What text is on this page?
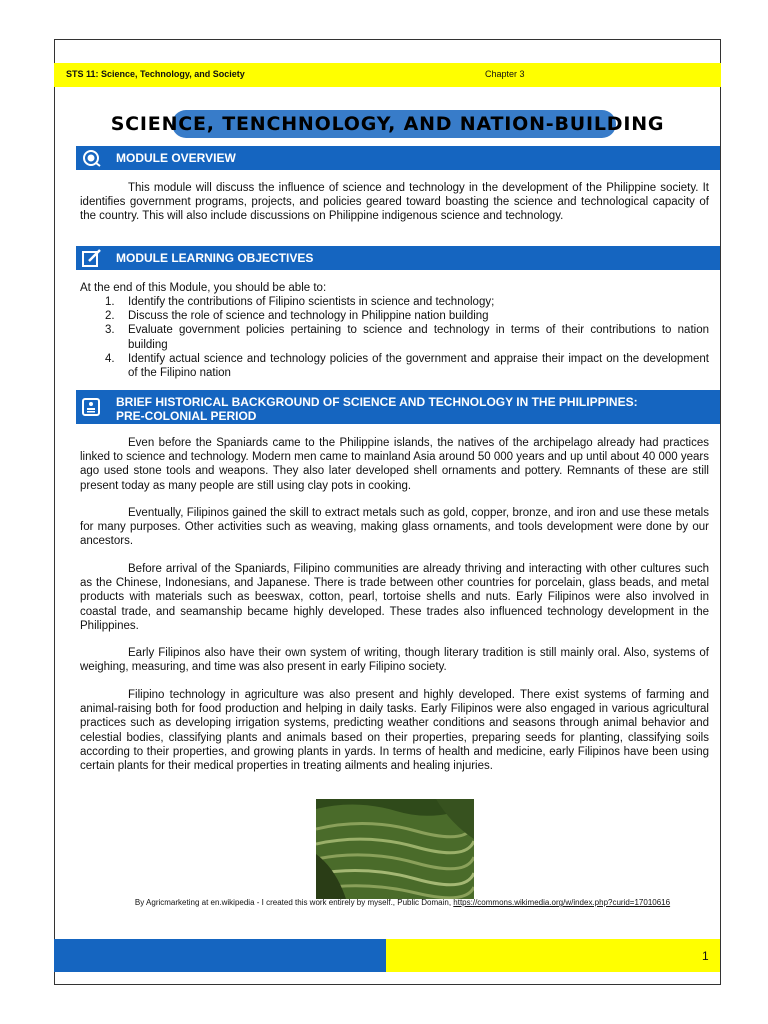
STS 11: Science, Technology, and Society	Chapter 3
SCIENCE, TENCHNOLOGY, AND NATION-BUILDING
MODULE OVERVIEW
This module will discuss the influence of science and technology in the development of the Philippine society. It identifies government programs, projects, and policies geared toward boasting the science and technological capacity of the country. This will also include discussions on Philippine indigenous science and technology.
MODULE LEARNING OBJECTIVES
At the end of this Module, you should be able to:
1. Identify the contributions of Filipino scientists in science and technology;
2. Discuss the role of science and technology in Philippine nation building
3. Evaluate government policies pertaining to science and technology in terms of their contributions to nation building
4. Identify actual science and technology policies of the government and appraise their impact on the development of the Filipino nation
BRIEF HISTORICAL BACKGROUND OF SCIENCE AND TECHNOLOGY IN THE PHILIPPINES:
PRE-COLONIAL PERIOD
Even before the Spaniards came to the Philippine islands, the natives of the archipelago already had practices linked to science and technology. Modern men came to mainland Asia around 50 000 years and up until about 40 000 years ago used stone tools and weapons. They also later developed shell ornaments and pottery. Remnants of these are still present today as many people are still using clay pots in cooking.
Eventually, Filipinos gained the skill to extract metals such as gold, copper, bronze, and iron and use these metals for many purposes. Other activities such as weaving, making glass ornaments, and tools development were done by our ancestors.
Before arrival of the Spaniards, Filipino communities are already thriving and interacting with other cultures such as the Chinese, Indonesians, and Japanese. There is trade between other countries for porcelain, glass beads, and metal products with materials such as beeswax, cotton, pearl, tortoise shells and nuts. Early Filipinos were also involved in coastal trade, and seamanship became highly developed. These trades also influenced technology development in the Philippines.
Early Filipinos also have their own system of writing, though literary tradition is still mainly oral. Also, systems of weighing, measuring, and time was also present in early Filipino society.
Filipino technology in agriculture was also present and highly developed. There exist systems of farming and animal-raising both for food production and helping in daily tasks. Early Filipinos were also engaged in various agricultural practices such as developing irrigation systems, predicting weather conditions and seasons through animal behavior and celestial bodies, classifying plants and animals based on their properties, preparing seeds for planting, classifying soils according to their properties, and growing plants in yards. In terms of health and medicine, early Filipinos have been using certain plants for their medical properties in treating ailments and healing injuries.
By Agricmarketing at en.wikipedia - I created this work entirely by myself., Public Domain, https://commons.wikimedia.org/w/index.php?curid=17010616
1
